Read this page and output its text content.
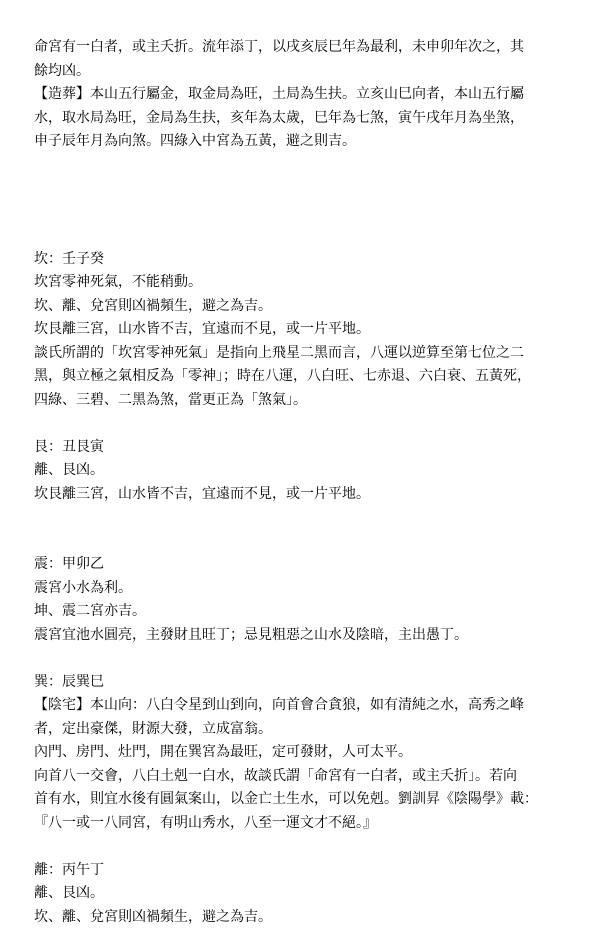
命宮有一白者，或主夭折。流年添丁，以戌亥辰巳年為最利，未申卯年次之，其
餘均凶。
【造葬】本山五行屬金，取金局為旺，土局為生扶。立亥山巳向者，本山五行屬
水，取水局為旺，金局為生扶，亥年為太歲，巳年為七煞，寅午戌年月為坐煞，
申子辰年月為向煞。四綠入中宮為五黃，避之則吉。
坎：壬子癸
坎宮零神死氣，不能稍動。
坎、離、兌宮則凶禍頻生，避之為吉。
坎艮離三宮，山水皆不吉，宜遠而不見，或一片平地。
談氏所謂的「坎宮零神死氣」是指向上飛星二黑而言，八運以逆算至第七位之二
黑，與立極之氣相反為「零神」；時在八運，八白旺、七赤退、六白衰、五黃死，
四綠、三碧、二黑為煞，當更正為「煞氣」。
艮：丑艮寅
離、艮凶。
坎艮離三宮，山水皆不吉，宜遠而不見，或一片平地。
震：甲卯乙
震宮小水為利。
坤、震二宮亦吉。
震宮宜池水圓亮，主發財且旺丁；忌見粗惡之山水及陰暗，主出愚丁。
巽：辰巽巳
【陰宅】本山向：八白令星到山到向，向首會合貪狼，如有清純之水，高秀之峰
者，定出豪傑，財源大發，立成富翁。
內門、房門、灶門，開在巽宮為最旺，定可發財，人可太平。
向首八一交會，八白土剋一白水，故談氏謂「命宮有一白者，或主夭折」。若向
首有水，則宜水後有圓氣案山，以金亡土生水，可以免剋。劉訓昇《陰陽學》載：
『八一或一八同宮，有明山秀水，八至一運文才不絕。』
離：丙午丁
離、艮凶。
坎、離、兌宮則凶禍頻生，避之為吉。
